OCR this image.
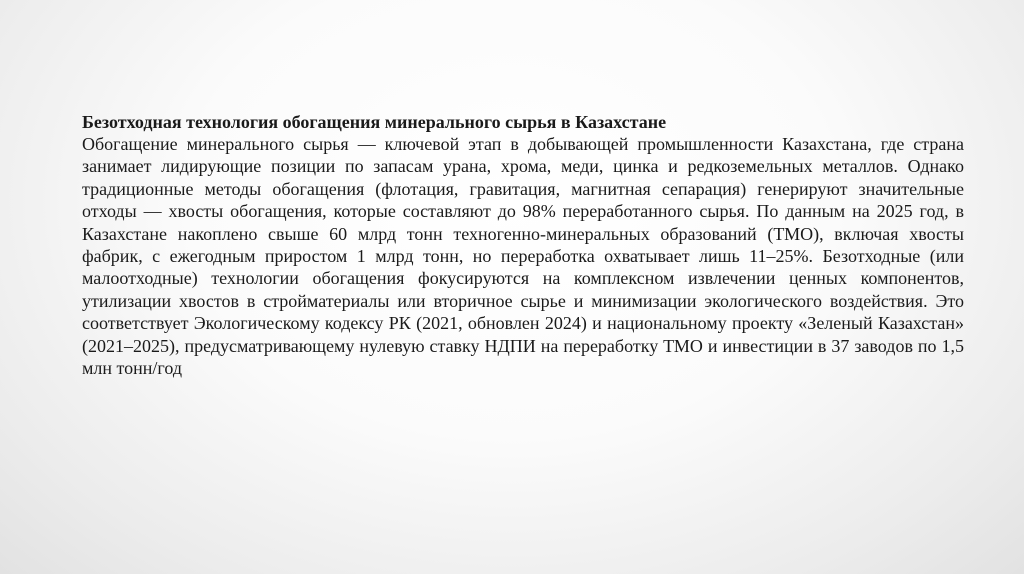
Безотходная технология обогащения минерального сырья в Казахстане

Обогащение минерального сырья — ключевой этап в добывающей промышленности Казахстана, где страна занимает лидирующие позиции по запасам урана, хрома, меди, цинка и редкоземельных металлов. Однако традиционные методы обогащения (флотация, гравитация, магнитная сепарация) генерируют значительные отходы — хвосты обогащения, которые составляют до 98% переработанного сырья. По данным на 2025 год, в Казахстане накоплено свыше 60 млрд тонн техногенно-минеральных образований (ТМО), включая хвосты фабрик, с ежегодным приростом 1 млрд тонн, но переработка охватывает лишь 11–25%. Безотходные (или малоотходные) технологии обогащения фокусируются на комплексном извлечении ценных компонентов, утилизации хвостов в стройматериалы или вторичное сырье и минимизации экологического воздействия. Это соответствует Экологическому кодексу РК (2021, обновлен 2024) и национальному проекту «Зеленый Казахстан» (2021–2025), предусматривающему нулевую ставку НДПИ на переработку ТМО и инвестиции в 37 заводов по 1,5 млн тонн/год
